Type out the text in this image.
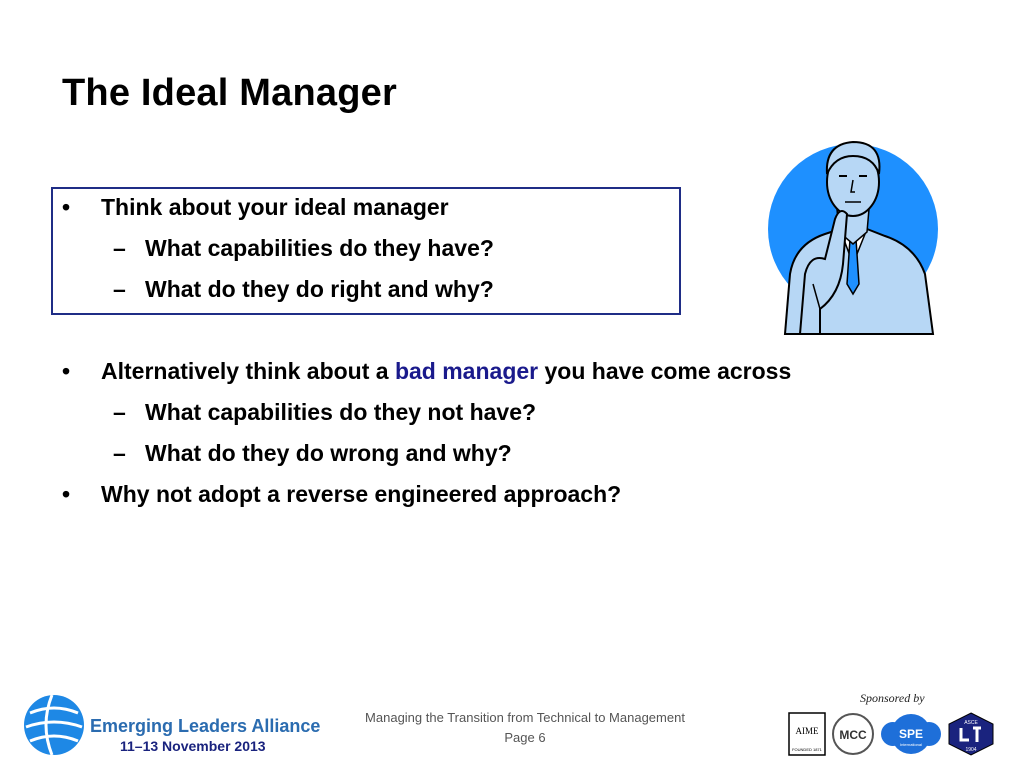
The Ideal Manager
• Think about your ideal manager
– What capabilities do they have?
– What do they do right and why?
• Alternatively think about a bad manager you have come across
– What capabilities do they not have?
– What do they do wrong and why?
• Why not adopt a reverse engineered approach?
Emerging Leaders Alliance
11–13 November 2013
Managing the Transition from Technical to Management
Page 6
Sponsored by
AIME
FOUNDED 1871
MCC	SPE
International
ASCE
1904
